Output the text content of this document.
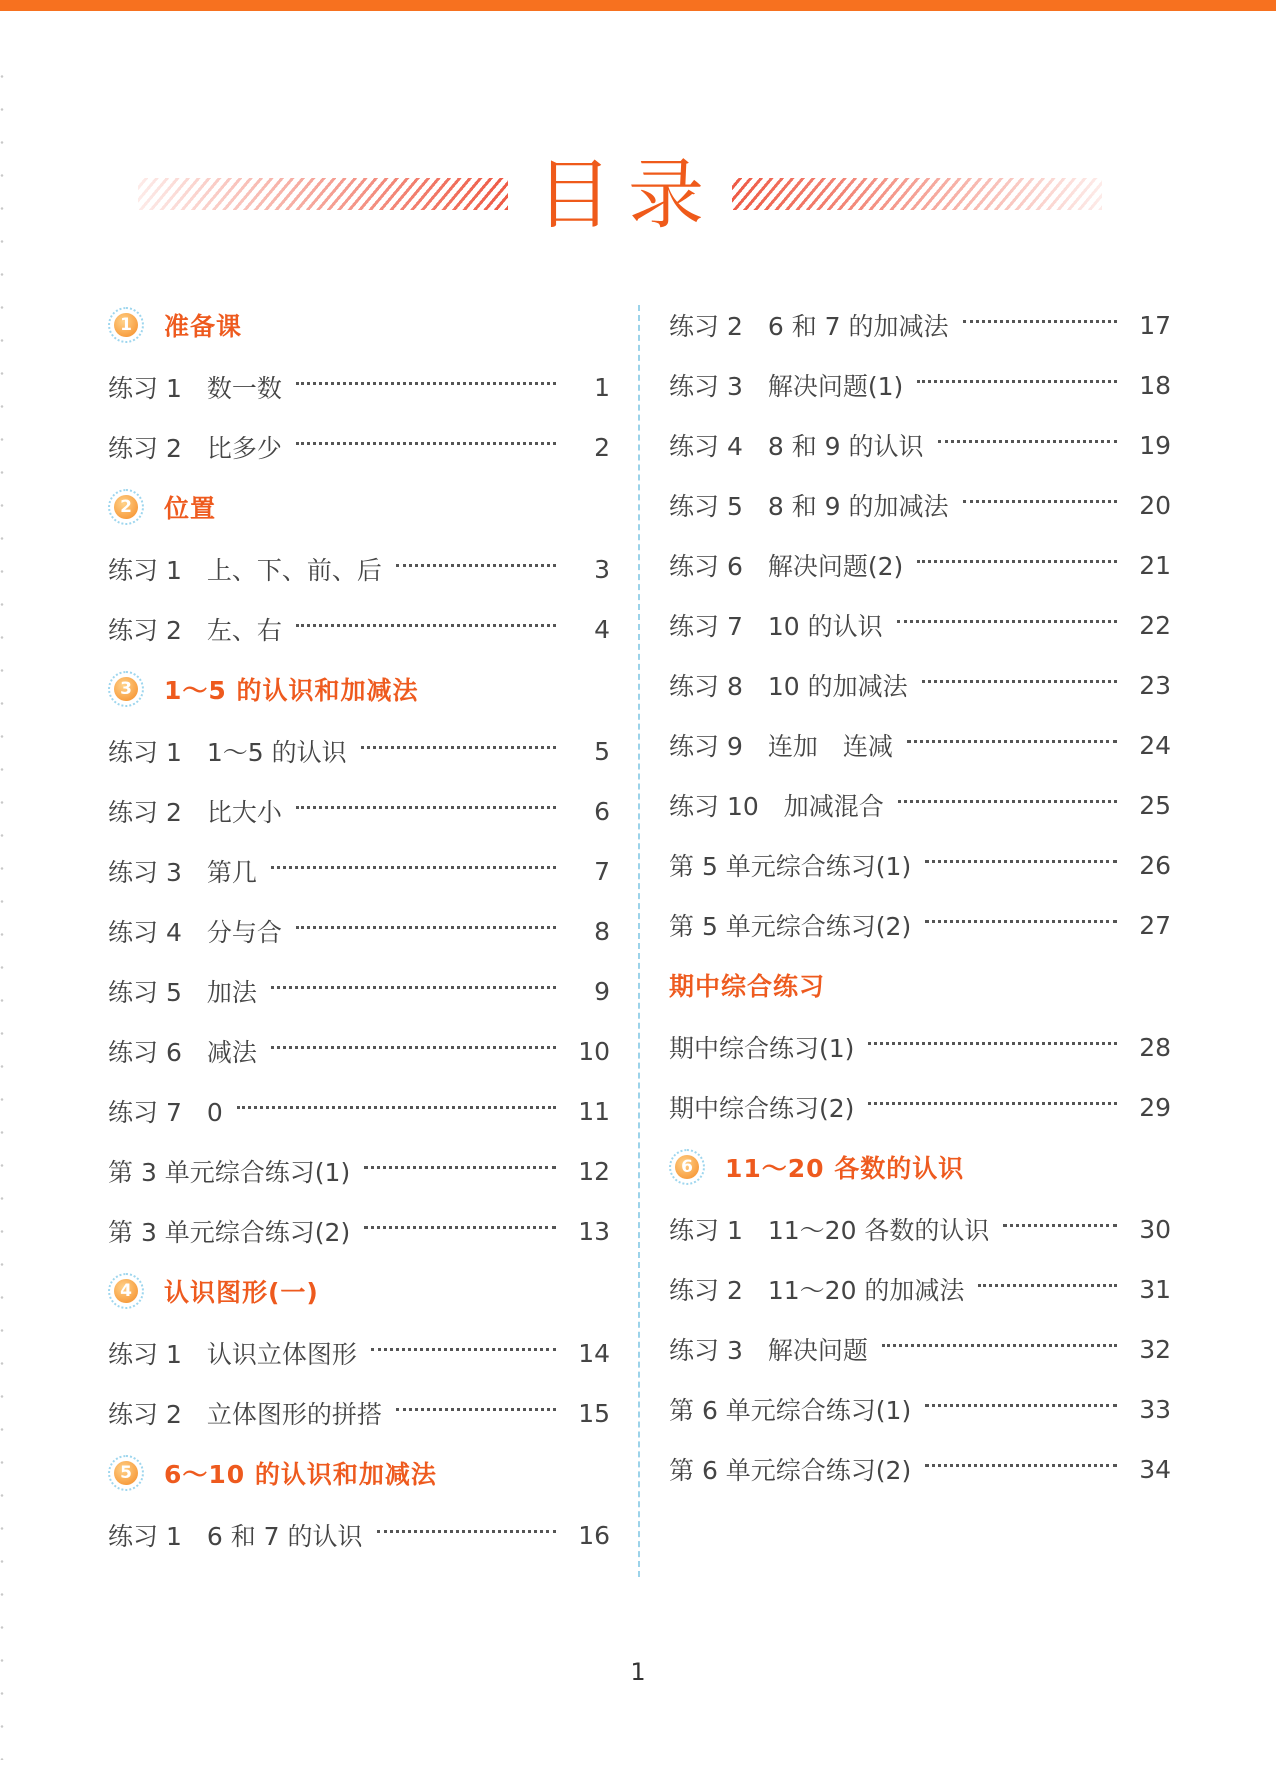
目录
1 准备课
练习 1　数一数	1
练习 2　比多少	2
2 位置
练习 1　上、下、前、后	3
练习 2　左、右	4
3 1～5 的认识和加减法
练习 1　1～5 的认识	5
练习 2　比大小	6
练习 3　第几	7
练习 4　分与合	8
练习 5　加法	9
练习 6　减法	10
练习 7　0	11
第 3 单元综合练习(1)	12
第 3 单元综合练习(2)	13
4 认识图形(一)
练习 1　认识立体图形	14
练习 2　立体图形的拼搭	15
5 6～10 的认识和加减法
练习 1　6 和 7 的认识	16
练习 2　6 和 7 的加减法	17
练习 3　解决问题(1)	18
练习 4　8 和 9 的认识	19
练习 5　8 和 9 的加减法	20
练习 6　解决问题(2)	21
练习 7　10 的认识	22
练习 8　10 的加减法	23
练习 9　连加　连减	24
练习 10　加减混合	25
第 5 单元综合练习(1)	26
第 5 单元综合练习(2)	27
期中综合练习
期中综合练习(1)	28
期中综合练习(2)	29
6 11～20 各数的认识
练习 1　11～20 各数的认识	30
练习 2　11～20 的加减法	31
练习 3　解决问题	32
第 6 单元综合练习(1)	33
第 6 单元综合练习(2)	34
1
